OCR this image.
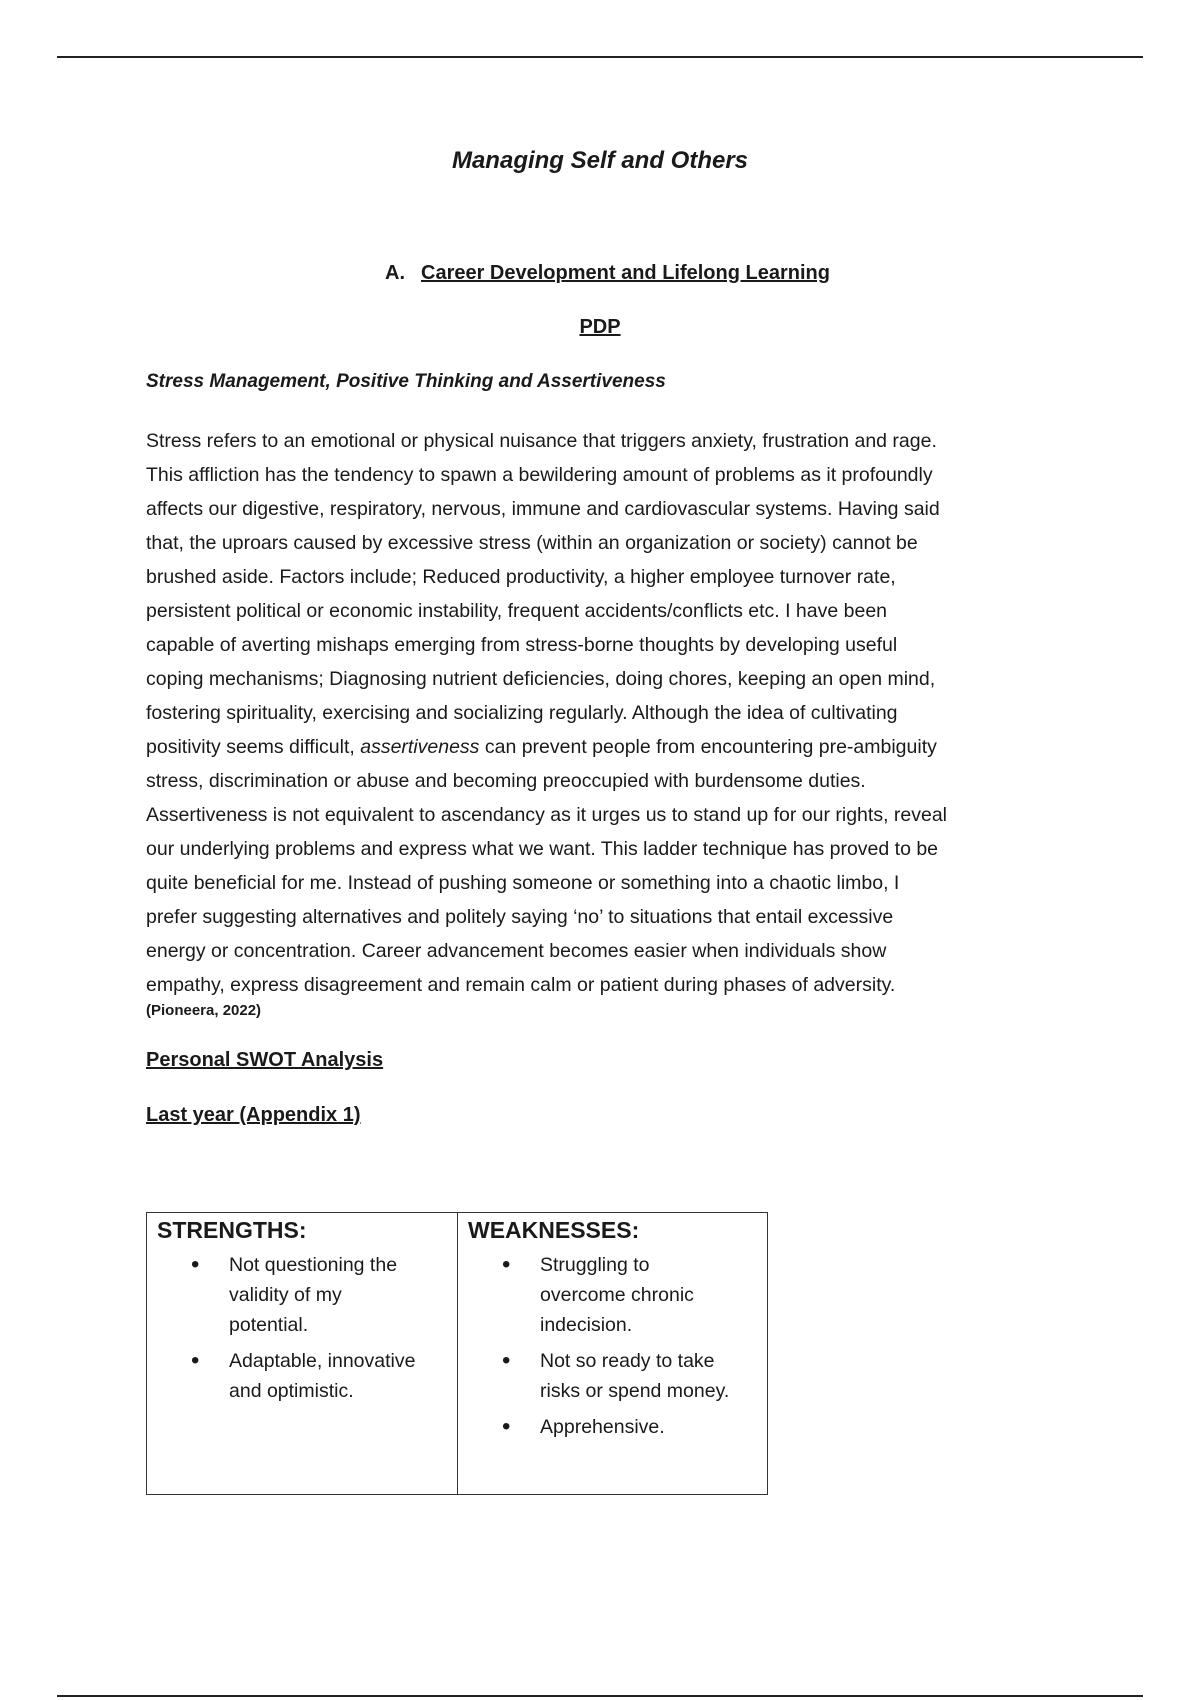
Managing Self and Others
A. Career Development and Lifelong Learning
PDP
Stress Management, Positive Thinking and Assertiveness
Stress refers to an emotional or physical nuisance that triggers anxiety, frustration and rage.
This affliction has the tendency to spawn a bewildering amount of problems as it profoundly
affects our digestive, respiratory, nervous, immune and cardiovascular systems. Having said
that, the uproars caused by excessive stress (within an organization or society) cannot be
brushed aside. Factors include; Reduced productivity, a higher employee turnover rate,
persistent political or economic instability, frequent accidents/conflicts etc. I have been
capable of averting mishaps emerging from stress-borne thoughts by developing useful
coping mechanisms; Diagnosing nutrient deficiencies, doing chores, keeping an open mind,
fostering spirituality, exercising and socializing regularly. Although the idea of cultivating
positivity seems difficult, assertiveness can prevent people from encountering pre-ambiguity
stress, discrimination or abuse and becoming preoccupied with burdensome duties.
Assertiveness is not equivalent to ascendancy as it urges us to stand up for our rights, reveal
our underlying problems and express what we want. This ladder technique has proved to be
quite beneficial for me. Instead of pushing someone or something into a chaotic limbo, I
prefer suggesting alternatives and politely saying ‘no’ to situations that entail excessive
energy or concentration. Career advancement becomes easier when individuals show
empathy, express disagreement and remain calm or patient during phases of adversity.
(Pioneera, 2022)
Personal SWOT Analysis
Last year (Appendix 1)
STRENGTHS:
• Not questioning the
validity of my
potential.
• Adaptable, innovative
and optimistic.
WEAKNESSES:
• Struggling to
overcome chronic
indecision.
• Not so ready to take
risks or spend money.
• Apprehensive.
